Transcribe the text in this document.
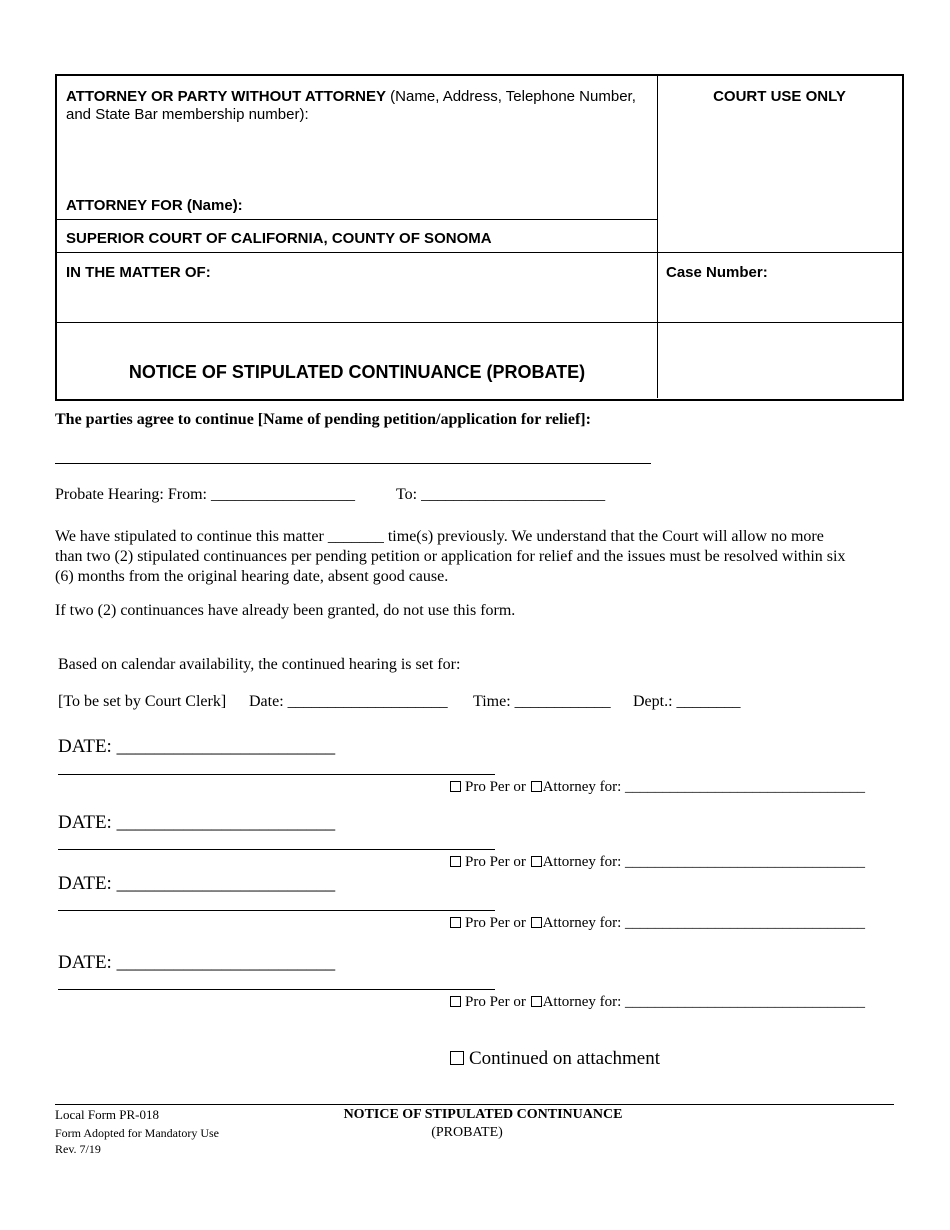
ATTORNEY OR PARTY WITHOUT ATTORNEY (Name, Address, Telephone Number, and State Bar membership number):
ATTORNEY FOR (Name):
COURT USE ONLY
SUPERIOR COURT OF CALIFORNIA, COUNTY OF SONOMA
IN THE MATTER OF:	Case Number:
NOTICE OF STIPULATED CONTINUANCE (PROBATE)
The parties agree to continue [Name of pending petition/application for relief]:
Probate Hearing: From: __________________	To: _______________________
We have stipulated to continue this matter _______ time(s) previously. We understand that the Court will allow no more
than two (2) stipulated continuances per pending petition or application for relief and the issues must be resolved within six
(6) months from the original hearing date, absent good cause.
If two (2) continuances have already been granted, do not use this form.
Based on calendar availability, the continued hearing is set for:
[To be set by Court Clerk] Date: ____________________ Time: ____________ Dept.: ________
DATE: _______________________
Pro Per or Attorney for: ________________________________
DATE: _______________________
Pro Per or Attorney for: ________________________________
DATE: _______________________
Pro Per or Attorney for: ________________________________
DATE: _______________________
Pro Per or Attorney for: ________________________________
Continued on attachment
Local Form PR-018
Form Adopted for Mandatory Use
Rev. 7/19
NOTICE OF STIPULATED CONTINUANCE
(PROBATE)
